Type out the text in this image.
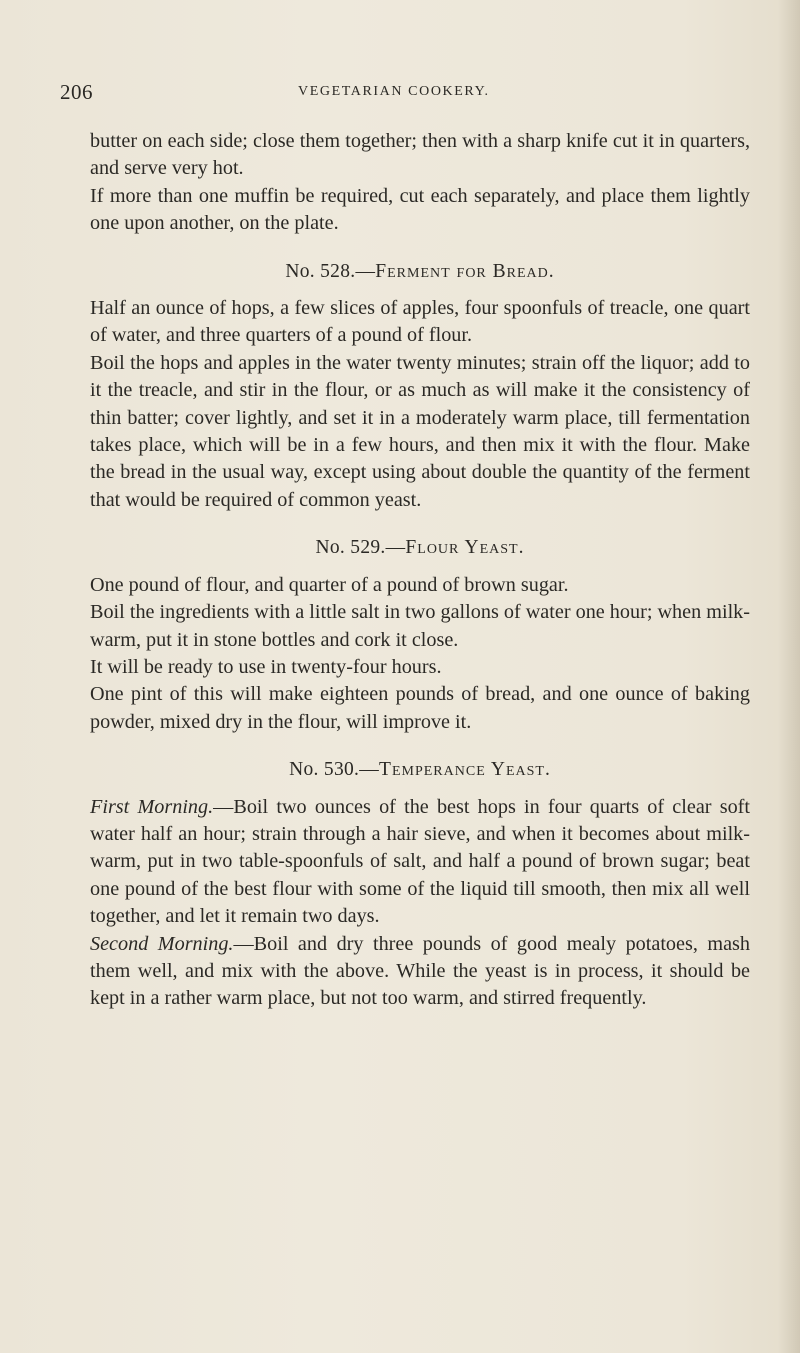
206	VEGETARIAN COOKERY.

butter on each side; close them together; then with a sharp knife cut it in quarters, and serve very hot.

If more than one muffin be required, cut each separately, and place them lightly one upon another, on the plate.

No. 528.—Ferment for Bread.

Half an ounce of hops, a few slices of apples, four spoonfuls of treacle, one quart of water, and three quarters of a pound of flour.

Boil the hops and apples in the water twenty minutes; strain off the liquor; add to it the treacle, and stir in the flour, or as much as will make it the consistency of thin batter; cover lightly, and set it in a moderately warm place, till fermentation takes place, which will be in a few hours, and then mix it with the flour. Make the bread in the usual way, except using about double the quantity of the ferment that would be required of common yeast.

No. 529.—Flour Yeast.

One pound of flour, and quarter of a pound of brown sugar.

Boil the ingredients with a little salt in two gallons of water one hour; when milk-warm, put it in stone bottles and cork it close.

It will be ready to use in twenty-four hours.

One pint of this will make eighteen pounds of bread, and one ounce of baking powder, mixed dry in the flour, will improve it.

No. 530.—Temperance Yeast.

First Morning.—Boil two ounces of the best hops in four quarts of clear soft water half an hour; strain through a hair sieve, and when it becomes about milk-warm, put in two table-spoonfuls of salt, and half a pound of brown sugar; beat one pound of the best flour with some of the liquid till smooth, then mix all well together, and let it remain two days.

Second Morning.—Boil and dry three pounds of good mealy potatoes, mash them well, and mix with the above. While the yeast is in process, it should be kept in a rather warm place, but not too warm, and stirred frequently.
